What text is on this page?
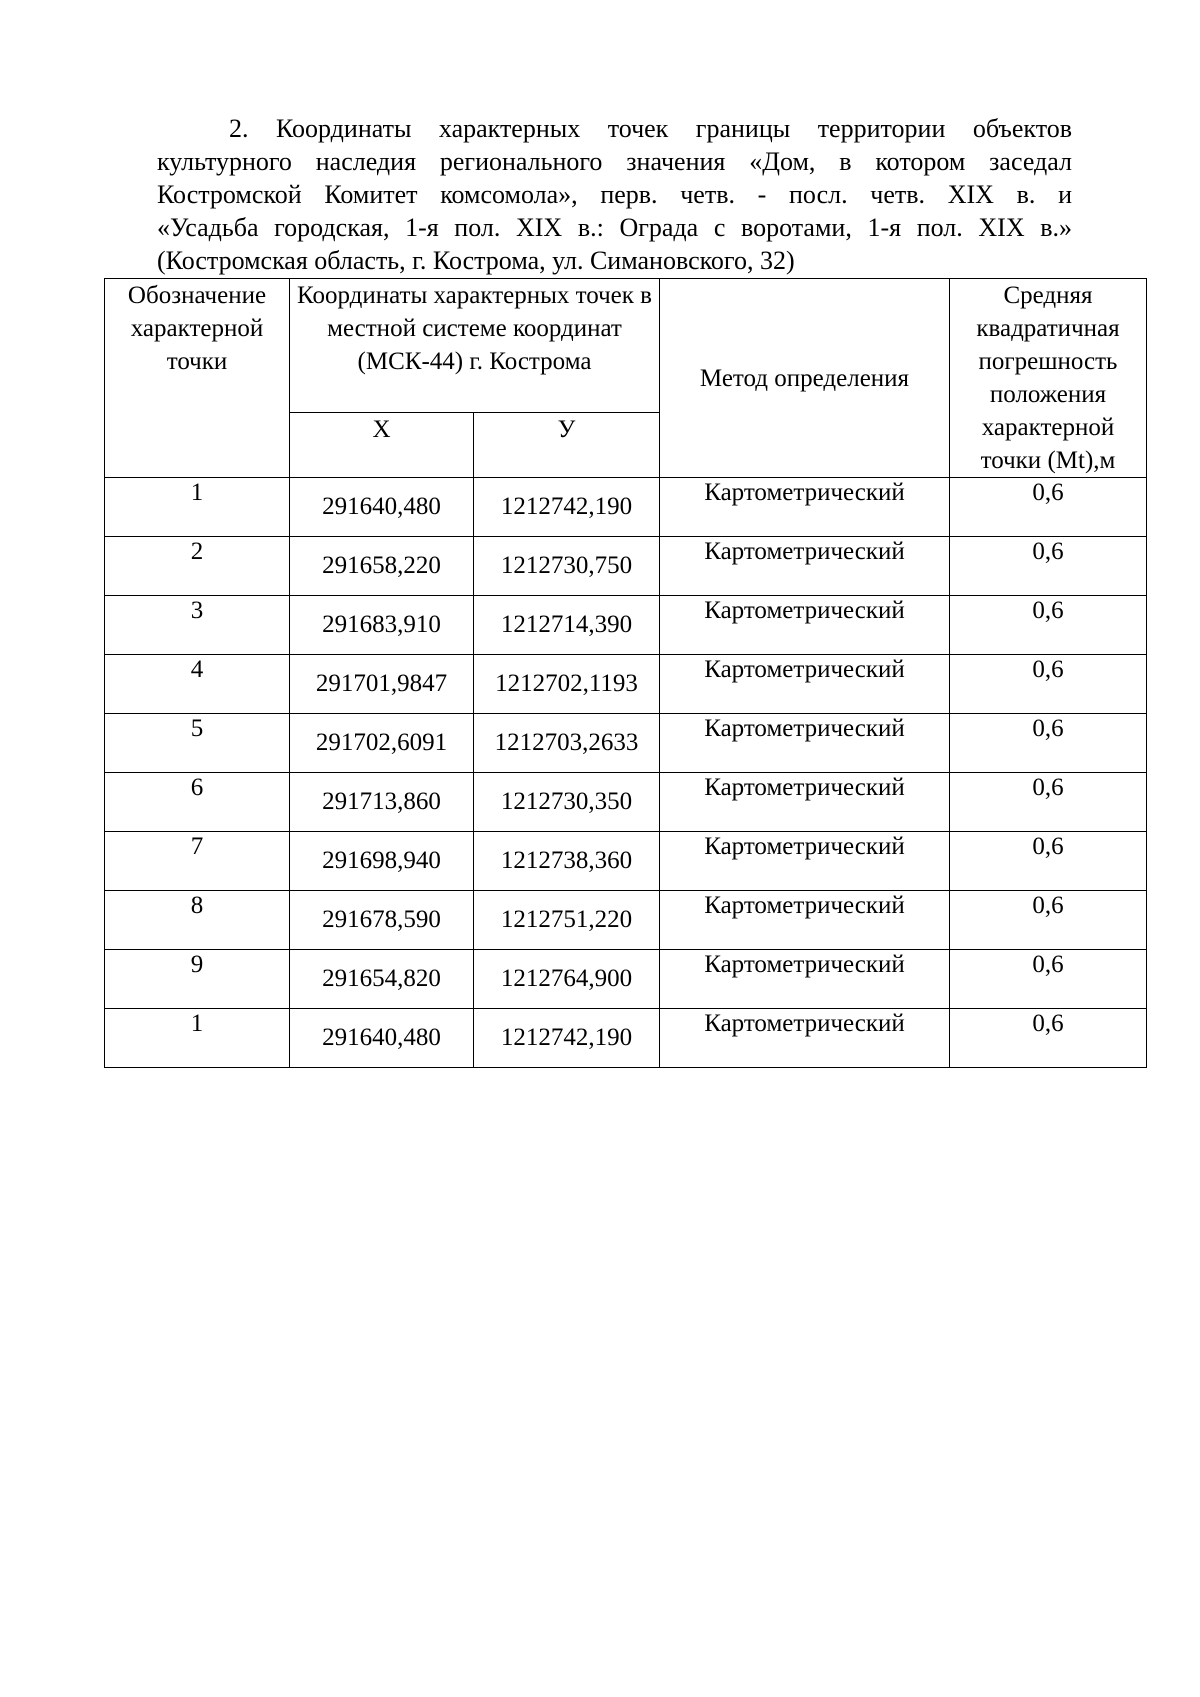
2. Координаты характерных точек границы территории объектов
культурного наследия регионального значения «Дом, в котором заседал
Костромской Комитет комсомола», перв. четв. - посл. четв. XIX в. и
«Усадьба городская, 1-я пол. XIX в.: Ограда с воротами, 1-я пол. XIX в.»
(Костромская область, г. Кострома, ул. Симановского, 32)

Обозначение характерной точки	Координаты характерных точек в местной системе координат (МСК-44) г. Кострома		Метод определения	Средняя квадратичная погрешность положения характерной точки (Mt),м
	Х	У		
1	291640,480	1212742,190	Картометрический	0,6
2	291658,220	1212730,750	Картометрический	0,6
3	291683,910	1212714,390	Картометрический	0,6
4	291701,9847	1212702,1193	Картометрический	0,6
5	291702,6091	1212703,2633	Картометрический	0,6
6	291713,860	1212730,350	Картометрический	0,6
7	291698,940	1212738,360	Картометрический	0,6
8	291678,590	1212751,220	Картометрический	0,6
9	291654,820	1212764,900	Картометрический	0,6
1	291640,480	1212742,190	Картометрический	0,6
